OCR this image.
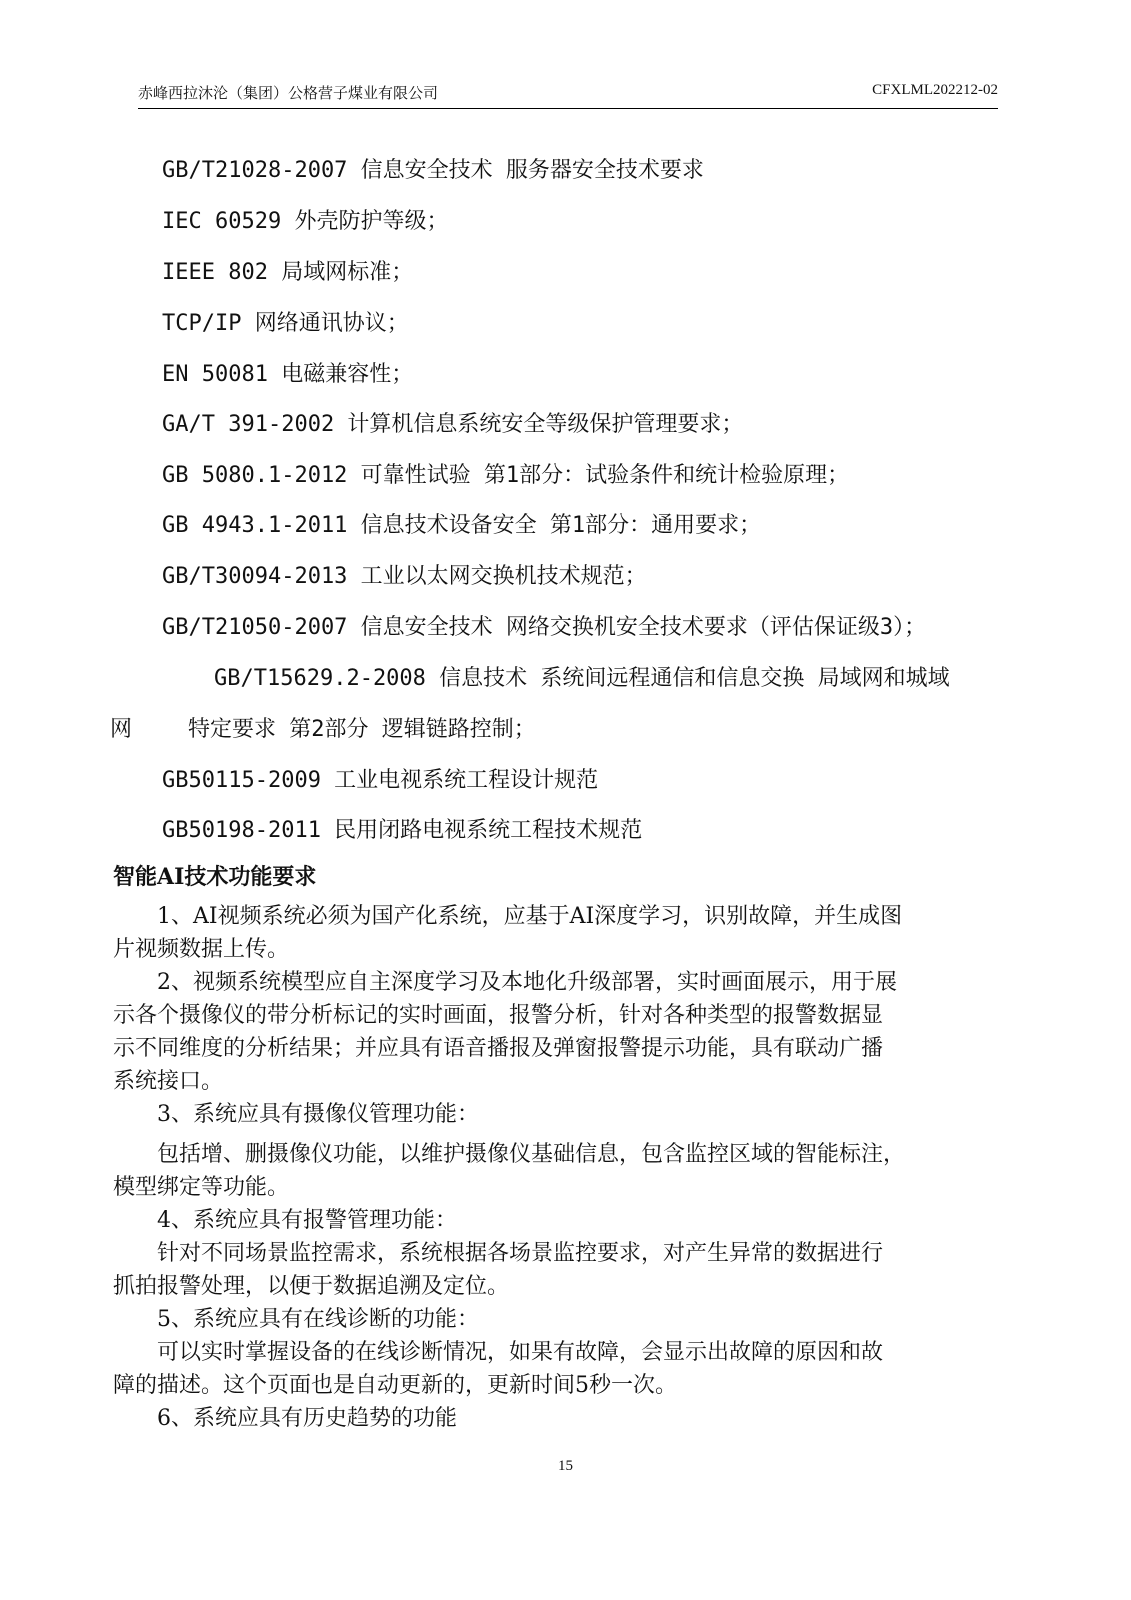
赤峰西拉沐沦（集团）公格营子煤业有限公司	CFXLML202212-02
GB/T21028-2007 信息安全技术 服务器安全技术要求
IEC 60529 外壳防护等级；
IEEE 802 局域网标准；
TCP/IP 网络通讯协议；
EN 50081 电磁兼容性；
GA/T 391-2002 计算机信息系统安全等级保护管理要求；
GB 5080.1-2012 可靠性试验 第1部分：试验条件和统计检验原理；
GB 4943.1-2011 信息技术设备安全 第1部分：通用要求；
GB/T30094-2013 工业以太网交换机技术规范；
GB/T21050-2007 信息安全技术 网络交换机安全技术要求（评估保证级3）；
GB/T15629.2-2008 信息技术 系统间远程通信和信息交换 局域网和城域
网	特定要求 第2部分 逻辑链路控制；
GB50115-2009 工业电视系统工程设计规范
GB50198-2011 民用闭路电视系统工程技术规范
智能AI技术功能要求
　　1、AI视频系统必须为国产化系统，应基于AI深度学习，识别故障，并生成图
片视频数据上传。
　　2、视频系统模型应自主深度学习及本地化升级部署，实时画面展示，用于展
示各个摄像仪的带分析标记的实时画面，报警分析，针对各种类型的报警数据显
示不同维度的分析结果；并应具有语音播报及弹窗报警提示功能，具有联动广播
系统接口。
　　3、系统应具有摄像仪管理功能：
　　包括增、删摄像仪功能，以维护摄像仪基础信息，包含监控区域的智能标注，
模型绑定等功能。
　　4、系统应具有报警管理功能：
　　针对不同场景监控需求，系统根据各场景监控要求，对产生异常的数据进行
抓拍报警处理，以便于数据追溯及定位。
　　5、系统应具有在线诊断的功能：
　　可以实时掌握设备的在线诊断情况，如果有故障，会显示出故障的原因和故
障的描述。这个页面也是自动更新的，更新时间5秒一次。
　　6、系统应具有历史趋势的功能
15
